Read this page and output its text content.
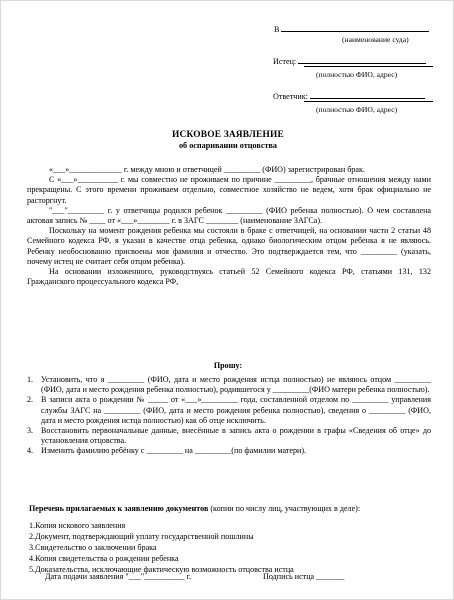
В
(наименование суда)
Истец:
(полностью ФИО, адрес)
Ответчик:
(полностью ФИО, адрес)
ИСКОВОЕ ЗАЯВЛЕНИЕ
об оспаривании отцовства

«___»_____________ г. между мною и ответчицей _________ (ФИО) зарегистрирован брак.

С «___»__________ г. мы совместно не проживаем по причине _________, брачные отношения между нами прекращены. С этого времени проживаем отдельно, совместное хозяйство не ведем, хотя брак официально не расторгнут.

"___"_________ г. у ответчицы родился ребенок _________ (ФИО ребенка полностью). О чем составлена актовая запись № ____ от «___»________ г. в ЗАГС ________ (наименование ЗАГСа).

Поскольку на момент рождения ребенка мы состояли в браке с ответчицей, на основании части 2 статьи 48 Семейного кодекса РФ, я указан в качестве отца ребенка, однако биологическим отцом ребенка я не являюсь. Ребенку необоснованно присвоены моя фамилия и отчество. Это подтверждается тем, что _________ (указать, почему истец не считает себя отцом ребенка).

На основании изложенного, руководствуясь статьей 52 Семейного кодекса РФ, статьями 131, 132 Гражданского процессуального кодекса РФ,

Прошу:
1. Установить, что я _________ (ФИО, дата и место рождения истца полностью) не являюсь отцом _________ (ФИО, дата и место рождения ребенка полностью), родившегося у _________(ФИО матери ребенка полностью).
2. В записи акта о рождении № _____ от «___»_________ года, составленной отделом по _________ управления службы ЗАГС на _________ (ФИО, дата и место рождения ребенка полностью), сведения о _________ (ФИО, дата и место рождения истца полностью) как об отце исключить.
3. Восстановить первоначальные данные, внесённые в запись акта о рождении в графы «Сведения об отце» до установления отцовства.
4. Изменить фамилию ребёнку с _________ на _________(по фамилии матери).
Перечень прилагаемых к заявлению документов (копии по числу лиц, участвующих в деле):
1.Копия искового заявления
2.Документ, подтверждающий уплату государственной пошлины
3.Свидетельство о заключении брака
4.Копия свидетельства о рождении ребенка
5.Доказательства, исключающие фактическую возможность отцовства истца
Дата подачи заявления "___"__________ г.	Подпись истца _______
